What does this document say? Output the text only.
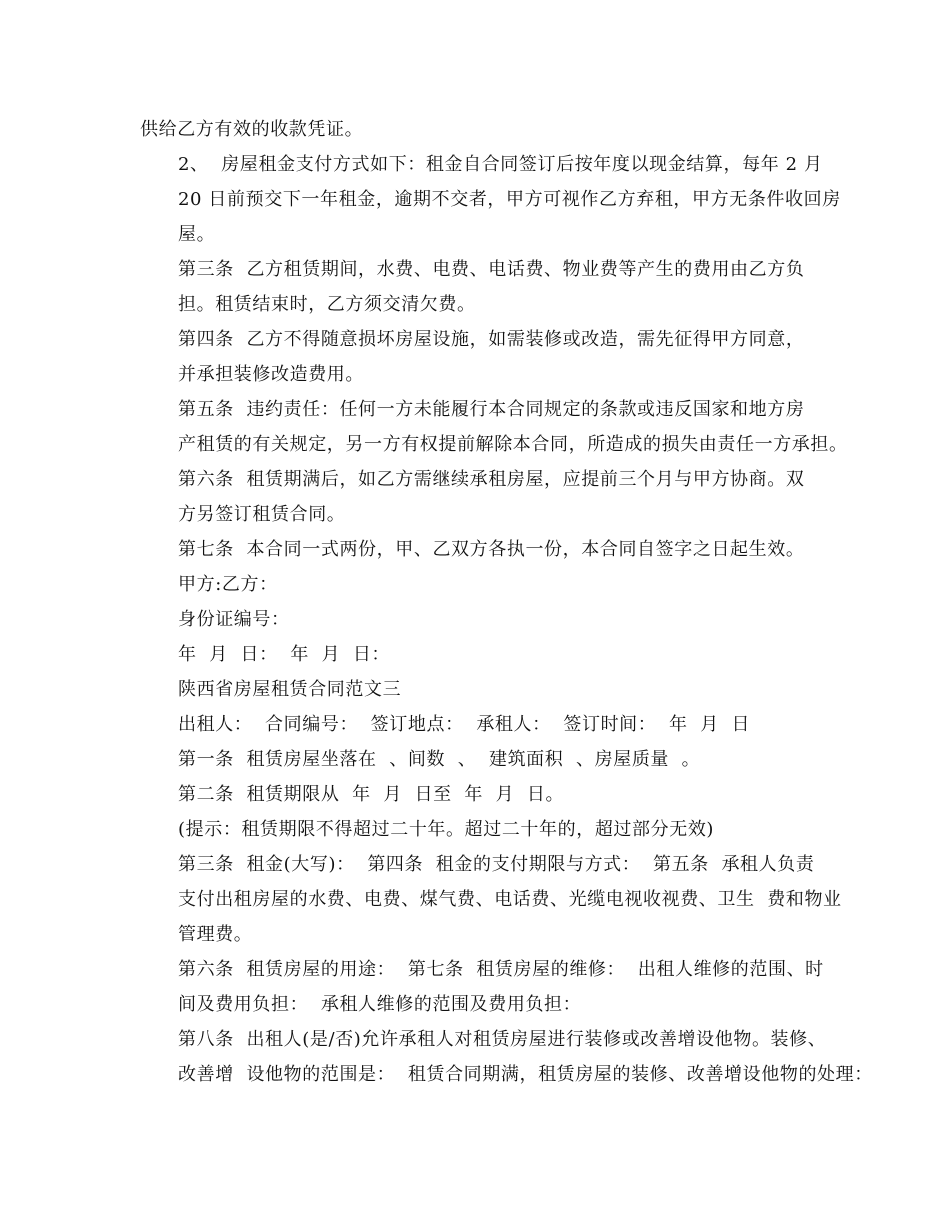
供给乙方有效的收款凭证。

2、  房屋租金支付方式如下：租金自合同签订后按年度以现金结算，每年 2 月
20 日前预交下一年租金，逾期不交者，甲方可视作乙方弃租，甲方无条件收回房
屋。

第三条  乙方租赁期间，水费、电费、电话费、物业费等产生的费用由乙方负
担。租赁结束时，乙方须交清欠费。

第四条  乙方不得随意损坏房屋设施，如需装修或改造，需先征得甲方同意，
并承担装修改造费用。

第五条  违约责任：任何一方未能履行本合同规定的条款或违反国家和地方房
产租赁的有关规定，另一方有权提前解除本合同，所造成的损失由责任一方承担。

第六条  租赁期满后，如乙方需继续承租房屋，应提前三个月与甲方协商。双
方另签订租赁合同。

第七条  本合同一式两份，甲、乙双方各执一份，本合同自签字之日起生效。

甲方:乙方：

身份证编号：

年  月  日：  年  月  日：

陕西省房屋租赁合同范文三

出租人：  合同编号：  签订地点：  承租人：  签订时间：  年  月  日

第一条  租赁房屋坐落在  、间数  、  建筑面积  、房屋质量  。

第二条  租赁期限从  年  月  日至  年  月  日。

(提示：租赁期限不得超过二十年。超过二十年的，超过部分无效)

第三条  租金(大写)：  第四条  租金的支付期限与方式：  第五条  承租人负责
支付出租房屋的水费、电费、煤气费、电话费、光缆电视收视费、卫生  费和物业
管理费。

第六条  租赁房屋的用途：  第七条  租赁房屋的维修：  出租人维修的范围、时
间及费用负担：  承租人维修的范围及费用负担：

第八条  出租人(是/否)允许承租人对租赁房屋进行装修或改善增设他物。装修、
改善增  设他物的范围是：  租赁合同期满，租赁房屋的装修、改善增设他物的处理：
